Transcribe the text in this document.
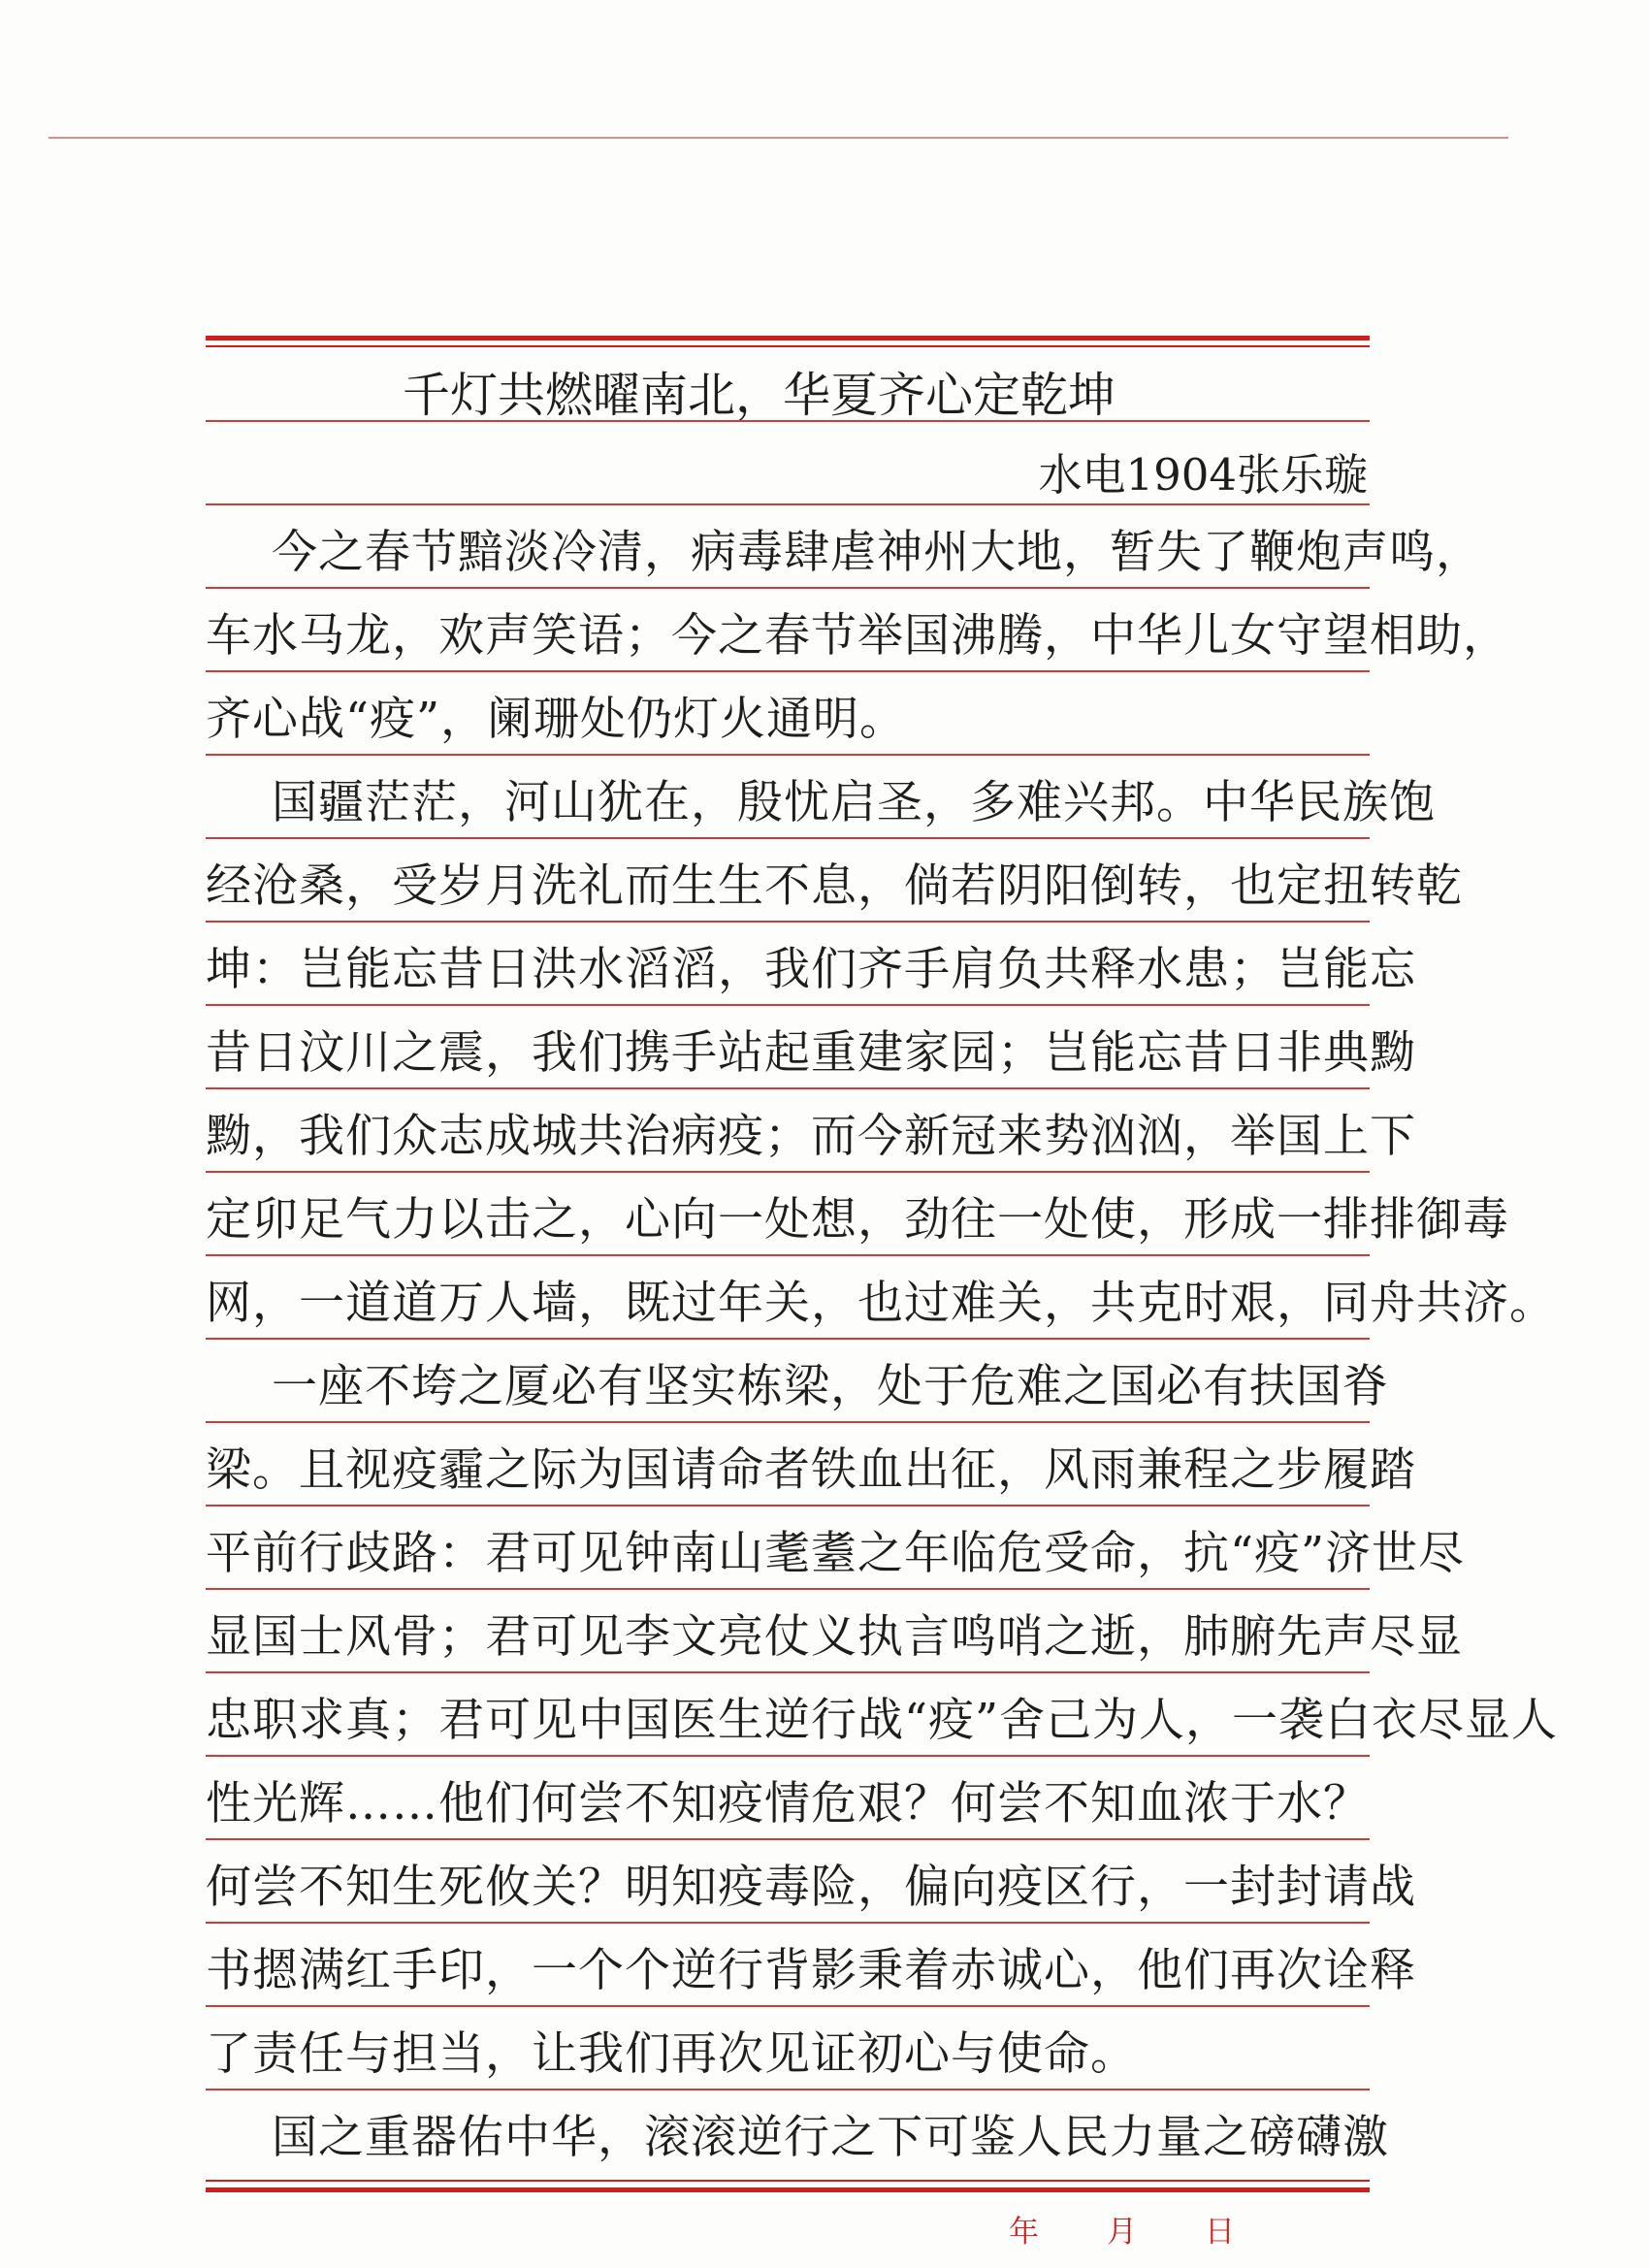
千灯共燃曜南北，华夏齐心定乾坤
水电1904张乐璇
今之春节黯淡冷清，病毒肆虐神州大地，暂失了鞭炮声鸣，
车水马龙，欢声笑语；今之春节举国沸腾，中华儿女守望相助，
齐心战“疫”，阑珊处仍灯火通明。
国疆茫茫，河山犹在，殷忧启圣，多难兴邦。中华民族饱
经沧桑，受岁月洗礼而生生不息，倘若阴阳倒转，也定扭转乾
坤：岂能忘昔日洪水滔滔，我们齐手肩负共释水患；岂能忘
昔日汶川之震，我们携手站起重建家园；岂能忘昔日非典黝
黝，我们众志成城共治病疫；而今新冠来势汹汹，举国上下
定卯足气力以击之，心向一处想，劲往一处使，形成一排排御毒
网，一道道万人墙，既过年关，也过难关，共克时艰，同舟共济。
一座不垮之厦必有坚实栋梁，处于危难之国必有扶国脊
梁。且视疫霾之际为国请命者铁血出征，风雨兼程之步履踏
平前行歧路：君可见钟南山耄耋之年临危受命，抗“疫”济世尽
显国士风骨；君可见李文亮仗义执言鸣哨之逝，肺腑先声尽显
忠职求真；君可见中国医生逆行战“疫”舍己为人，一袭白衣尽显人
性光辉……他们何尝不知疫情危艰？何尝不知血浓于水？
何尝不知生死攸关？明知疫毒险，偏向疫区行，一封封请战
书摁满红手印，一个个逆行背影秉着赤诚心，他们再次诠释
了责任与担当，让我们再次见证初心与使命。
国之重器佑中华，滚滚逆行之下可鉴人民力量之磅礴激
年 月 日
